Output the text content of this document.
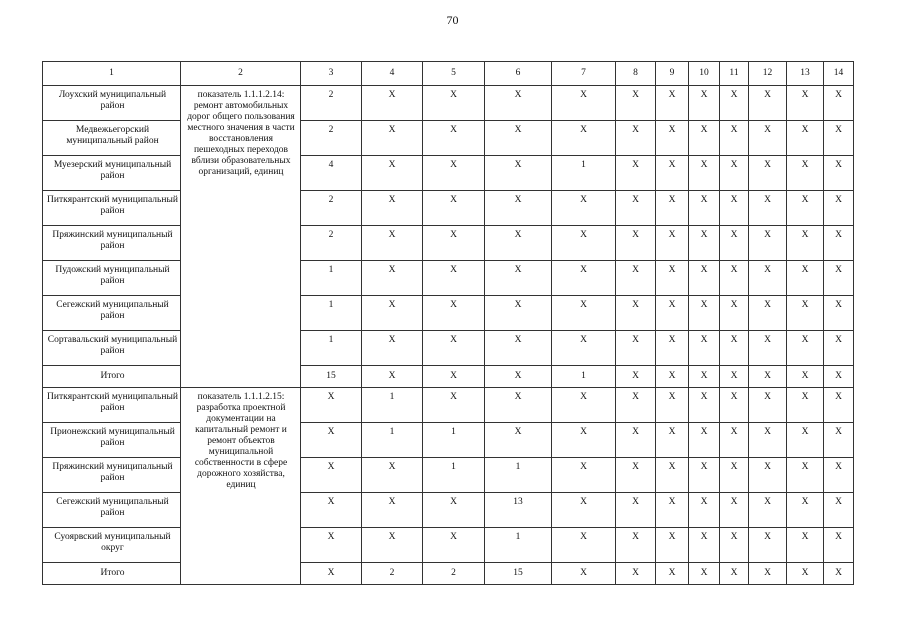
70
1	2	3	4	5	6	7	8	9	10	11	12	13	14
Лоухский муниципальный район	показатель 1.1.1.2.14: ремонт автомобильных дорог общего пользования местного значения в части восстановления пешеходных переходов вблизи образовательных организаций, единиц	2	Х	Х	Х	Х	Х	Х	Х	Х	Х	Х	Х
Медвежьегорский муниципальный район		2	Х	Х	Х	Х	Х	Х	Х	Х	Х	Х	Х
Муезерский муниципальный район		4	Х	Х	Х	1	Х	Х	Х	Х	Х	Х	Х
Питкярантский муниципальный район		2	Х	Х	Х	Х	Х	Х	Х	Х	Х	Х	Х
Пряжинский муниципальный район		2	Х	Х	Х	Х	Х	Х	Х	Х	Х	Х	Х
Пудожский муниципальный район		1	Х	Х	Х	Х	Х	Х	Х	Х	Х	Х	Х
Сегежский муниципальный район		1	Х	Х	Х	Х	Х	Х	Х	Х	Х	Х	Х
Сортавальский муниципальный район		1	Х	Х	Х	Х	Х	Х	Х	Х	Х	Х	Х
Итого		15	Х	Х	Х	1	Х	Х	Х	Х	Х	Х	Х
Питкярантский муниципальный район	показатель 1.1.1.2.15: разработка проектной документации на капитальный ремонт и ремонт объектов муниципальной собственности в сфере дорожного хозяйства, единиц	Х	1	Х	Х	Х	Х	Х	Х	Х	Х	Х	Х
Прионежский муниципальный район		Х	1	1	Х	Х	Х	Х	Х	Х	Х	Х	Х
Пряжинский муниципальный район		Х	Х	1	1	Х	Х	Х	Х	Х	Х	Х	Х
Сегежский муниципальный район		Х	Х	Х	13	Х	Х	Х	Х	Х	Х	Х	Х
Суоярвский муниципальный округ		Х	Х	Х	1	Х	Х	Х	Х	Х	Х	Х	Х
Итого		Х	2	2	15	Х	Х	Х	Х	Х	Х	Х	Х
